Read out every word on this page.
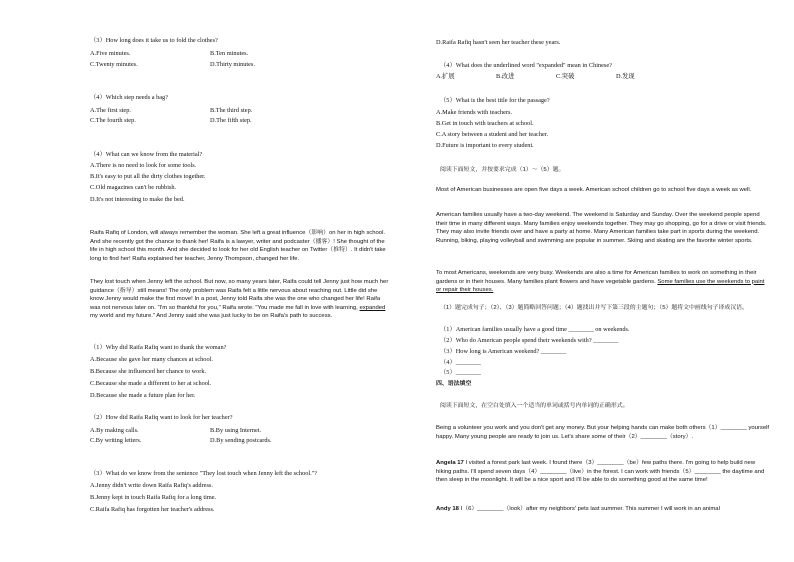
（3）How long does it take us to fold the clothes?
A.Five minutes.	B.Ten minutes.
C.Twenty minutes.	D.Thirty minutes.
（4）Which step needs a bag?
A.The first step.	B.The third step.
C.The fourth step.	D.The fifth step.
（4）What can we know from the material?
A.There is no need to look for some tools.
B.It's easy to put all the dirty clothes together.
C.Old magazines can't be rubbish.
D.It's not interesting to make the bed.
Raifa Rafiq of London, will always remember the woman. She left a great influence（影响）on her in high school. And she recently got the chance to thank her! Raifa is a lawyer, writer and podcaster（播客）! She thought of the life in high school this month. And she decided to look for her old English teacher on Twitter（推特）. It didn't take long to find her! Raifa explained her teacher, Jenny Thompson, changed her life.
They lost touch when Jenny left the school. But now, so many years later, Raifa could tell Jenny just how much her guidance（指导）still means! The only problem was Raifa felt a little nervous about reaching out. Little did she know Jenny would make the first move! In a post, Jenny told Raifa she was the one who changed her life! Raifa was not nervous later on. "I'm so thankful for you," Raifa wrote. "You made me fall in love with learning, expanded my world and my future." And Jenny said she was just lucky to be on Raifa's path to success.
（1）Why did Raifa Rafiq want to thank the woman?
A.Because she gave her many chances at school.
B.Because she influenced her chance to work.
C.Because she made a different to her at school.
D.Because she made a future plan for her.
（2）How did Raifa Rafiq want to look for her teacher?
A.By making calls.	B.By using Internet.
C.By writing letters.	D.By sending postcards.
（3）What do we know from the sentence "They lost touch when Jenny left the school."?
A.Jenny didn't write down Raifa Rafiq's address.
B.Jenny kept in touch Raifa Rafiq for a long time.
C.Raifa Rafiq has forgotten her teacher's address.
D.Raifa Rafiq hasn't seen her teacher these years.
（4）What does the underlined word "expanded" mean in Chinese?
A.扩展	B.改进	C.突破	D.发现
（5）What is the best title for the passage?
A.Make friends with teachers.
B.Get in touch with teachers at school.
C.A story between a student and her teacher.
D.Future is important to every student.
阅读下面短文，并按要求完成（1）～（5）题。
Most of American businesses are open five days a week. American school children go to school five days a week as well.
American families usually have a two-day weekend. The weekend is Saturday and Sunday. Over the weekend people spend their time in many different ways. Many families enjoy weekends together. They may go shopping, go for a drive or visit friends. They may also invite friends over and have a party at home. Many American families take part in sports during the weekend. Running, biking, playing volleyball and swimming are popular in summer. Skiing and skating are the favorite winter sports.
To most Americans, weekends are very busy. Weekends are also a time for American families to work on something in their gardens or in their houses. Many families plant flowers and have vegetable gardens. Some families use the weekends to paint or repair their houses.
（1）题完成句子；（2）、（3）题简略回答问题；（4）题找出并写下第三段的主题句；（5）题将文中画线句子译成汉语。
（1）American families usually have a good time ________ on weekends.
（2）Who do American people spend their weekends with? ________
（3）How long is American weekend? ________
（4）________
（5）________
四、语法填空
阅读下面短文，在空白处填入一个适当的单词或括号内单词的正确形式。
Being a volunteer you work and you don't get any money. But your helping hands can make both others（1）________ yourself happy. Many young people are ready to join us. Let's share some of their（2）________（story）.
Angela 17 I visited a forest park last week. I found there（3）________（be）few paths there. I'm going to help build new hiking paths. I'll spend seven days（4）________（live）in the forest. I can work with friends（5）________ the daytime and then sleep in the moonlight. It will be a nice sport and I'll be able to do something good at the same time!
Andy 18 I（6）________（look）after my neighbors' pets last summer. This summer I will work in an animal
